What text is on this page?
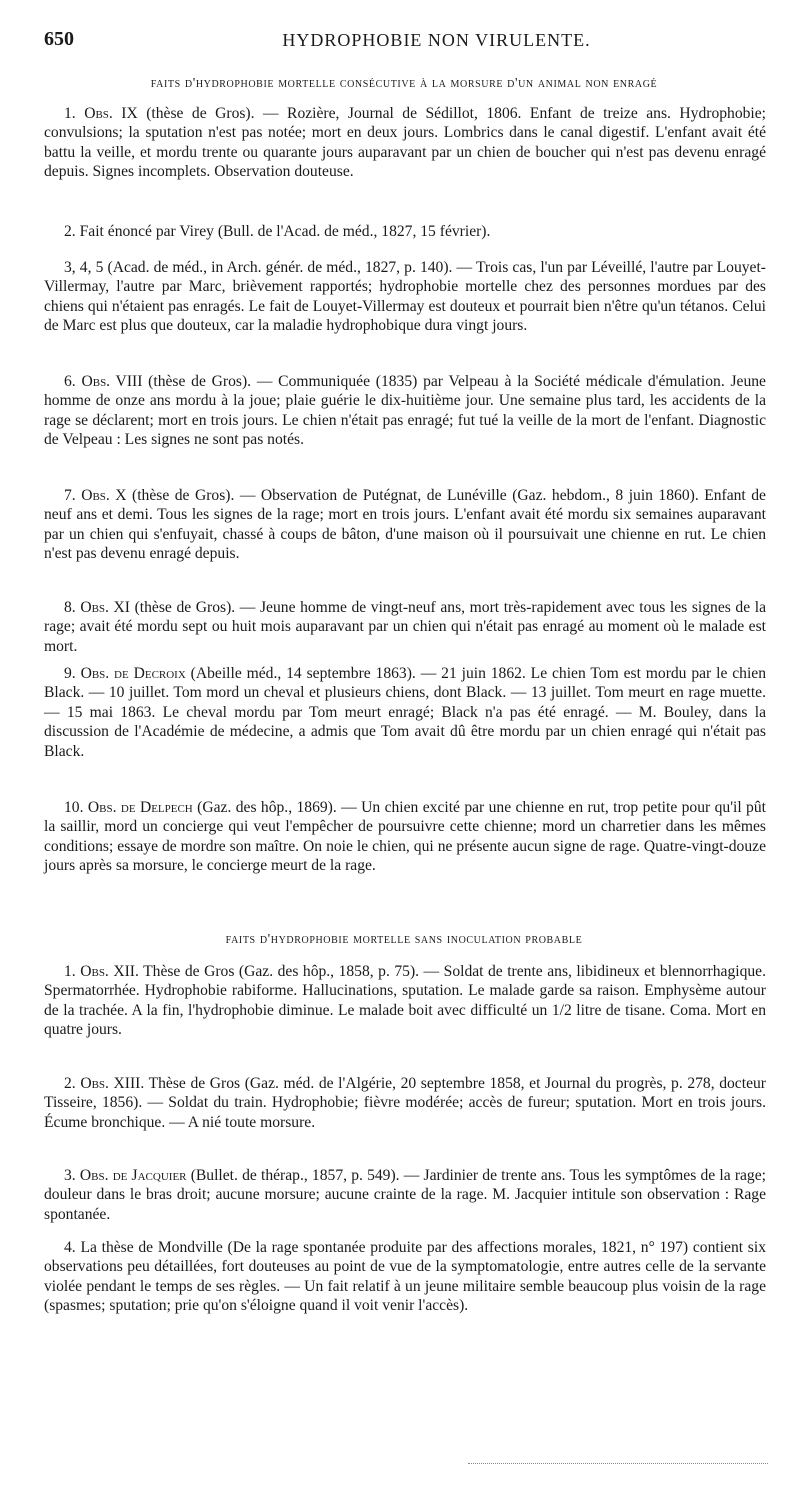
650	HYDROPHOBIE NON VIRULENTE.
faits d'hydrophobie mortelle consécutive à la morsure d'un animal non enragé

1. Obs. IX (thèse de Gros). — Rozière, Journal de Sédillot, 1806. Enfant de treize ans. Hydrophobie; convulsions; la sputation n'est pas notée; mort en deux jours. Lombrics dans le canal digestif. L'enfant avait été battu la veille, et mordu trente ou quarante jours auparavant par un chien de boucher qui n'est pas devenu enragé depuis. Signes incomplets. Observation douteuse.

2. Fait énoncé par Virey (Bull. de l'Acad. de méd., 1827, 15 février).

3, 4, 5 (Acad. de méd., in Arch. génér. de méd., 1827, p. 140). — Trois cas, l'un par Léveillé, l'autre par Louyet-Villermay, l'autre par Marc, brièvement rapportés; hydrophobie mortelle chez des personnes mordues par des chiens qui n'étaient pas enragés. Le fait de Louyet-Villermay est douteux et pourrait bien n'être qu'un tétanos. Celui de Marc est plus que douteux, car la maladie hydrophobique dura vingt jours.

6. Obs. VIII (thèse de Gros). — Communiquée (1835) par Velpeau à la Société médicale d'émulation. Jeune homme de onze ans mordu à la joue; plaie guérie le dix-huitième jour. Une semaine plus tard, les accidents de la rage se déclarent; mort en trois jours. Le chien n'était pas enragé; fut tué la veille de la mort de l'enfant. Diagnostic de Velpeau : Les signes ne sont pas notés.

7. Obs. X (thèse de Gros). — Observation de Putégnat, de Lunéville (Gaz. hebdom., 8 juin 1860). Enfant de neuf ans et demi. Tous les signes de la rage; mort en trois jours. L'enfant avait été mordu six semaines auparavant par un chien qui s'enfuyait, chassé à coups de bâton, d'une maison où il poursuivait une chienne en rut. Le chien n'est pas devenu enragé depuis.

8. Obs. XI (thèse de Gros). — Jeune homme de vingt-neuf ans, mort très-rapidement avec tous les signes de la rage; avait été mordu sept ou huit mois auparavant par un chien qui n'était pas enragé au moment où le malade est mort.

9. Obs. de Decroix (Abeille méd., 14 septembre 1863). — 21 juin 1862. Le chien Tom est mordu par le chien Black. — 10 juillet. Tom mord un cheval et plusieurs chiens, dont Black. — 13 juillet. Tom meurt en rage muette. — 15 mai 1863. Le cheval mordu par Tom meurt enragé; Black n'a pas été enragé. — M. Bouley, dans la discussion de l'Académie de médecine, a admis que Tom avait dû être mordu par un chien enragé qui n'était pas Black.

10. Obs. de Delpech (Gaz. des hôp., 1869). — Un chien excité par une chienne en rut, trop petite pour qu'il pût la saillir, mord un concierge qui veut l'empêcher de poursuivre cette chienne; mord un charretier dans les mêmes conditions; essaye de mordre son maître. On noie le chien, qui ne présente aucun signe de rage. Quatre-vingt-douze jours après sa morsure, le concierge meurt de la rage.

faits d'hydrophobie mortelle sans inoculation probable

1. Obs. XII. Thèse de Gros (Gaz. des hôp., 1858, p. 75). — Soldat de trente ans, libidineux et blennorrhagique. Spermatorrhée. Hydrophobie rabiforme. Hallucinations, sputation. Le malade garde sa raison. Emphysème autour de la trachée. A la fin, l'hydrophobie diminue. Le malade boit avec difficulté un 1/2 litre de tisane. Coma. Mort en quatre jours.

2. Obs. XIII. Thèse de Gros (Gaz. méd. de l'Algérie, 20 septembre 1858, et Journal du progrès, p. 278, docteur Tisseire, 1856). — Soldat du train. Hydrophobie; fièvre modérée; accès de fureur; sputation. Mort en trois jours. Écume bronchique. — A nié toute morsure.

3. Obs. de Jacquier (Bullet. de thérap., 1857, p. 549). — Jardinier de trente ans. Tous les symptômes de la rage; douleur dans le bras droit; aucune morsure; aucune crainte de la rage. M. Jacquier intitule son observation : Rage spontanée.

4. La thèse de Mondville (De la rage spontanée produite par des affections morales, 1821, n° 197) contient six observations peu détaillées, fort douteuses au point de vue de la symptomatologie, entre autres celle de la servante violée pendant le temps de ses règles. — Un fait relatif à un jeune militaire semble beaucoup plus voisin de la rage (spasmes; sputation; prie qu'on s'éloigne quand il voit venir l'accès).
